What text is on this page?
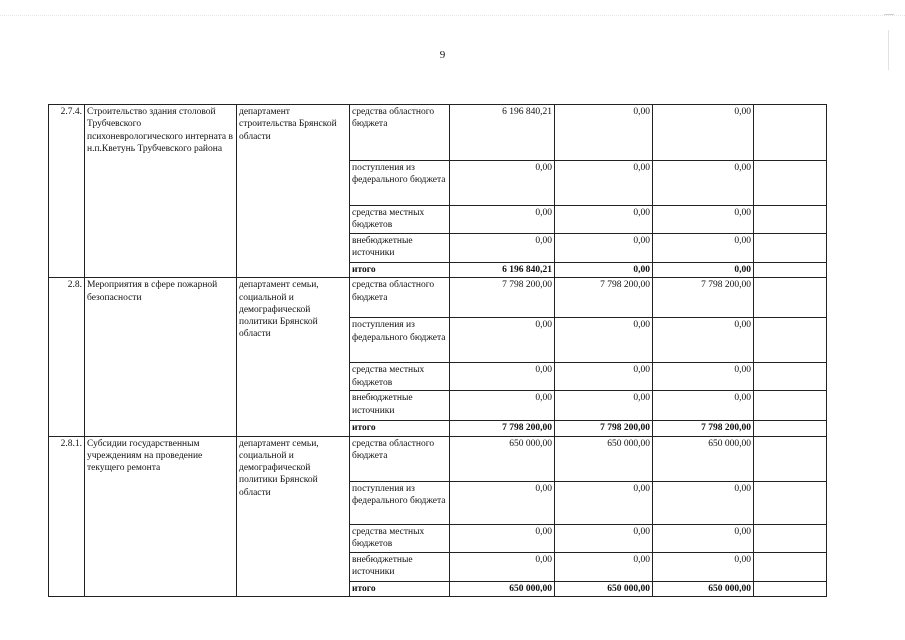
9
2.7.4.	Строительство здания столовой Трубчевского психоневрологического интерната в н.п.Кветунь Трубчевского района	департамент строительства Брянской области	средства областного бюджета	6 196 840,21	0,00	0,00	
			поступления из федерального бюджета	0,00	0,00	0,00	
			средства местных бюджетов	0,00	0,00	0,00	
			внебюджетные источники	0,00	0,00	0,00	
			итого	6 196 840,21	0,00	0,00	
2.8.	Мероприятия в сфере пожарной безопасности	департамент семьи, социальной и демографической политики Брянской области	средства областного бюджета	7 798 200,00	7 798 200,00	7 798 200,00	
			поступления из федерального бюджета	0,00	0,00	0,00	
			средства местных бюджетов	0,00	0,00	0,00	
			внебюджетные источники	0,00	0,00	0,00	
			итого	7 798 200,00	7 798 200,00	7 798 200,00	
2.8.1.	Субсидии государственным учреждениям на проведение текущего ремонта	департамент семьи, социальной и демографической политики Брянской области	средства областного бюджета	650 000,00	650 000,00	650 000,00	
			поступления из федерального бюджета	0,00	0,00	0,00	
			средства местных бюджетов	0,00	0,00	0,00	
			внебюджетные источники	0,00	0,00	0,00	
			итого	650 000,00	650 000,00	650 000,00	
